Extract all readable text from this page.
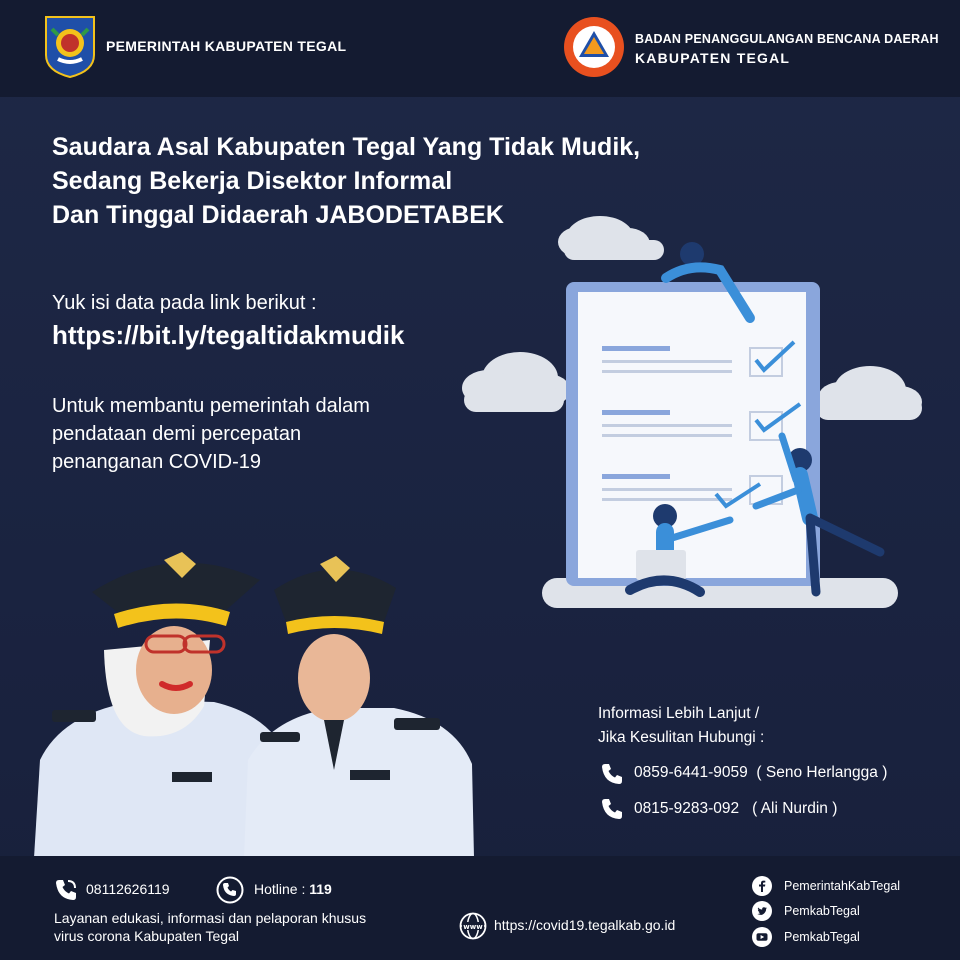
PEMERINTAH KABUPATEN TEGAL	BADAN PENANGGULANGAN BENCANA DAERAH
KABUPATEN TEGAL
Saudara Asal Kabupaten Tegal Yang Tidak Mudik,
Sedang Bekerja Disektor Informal
Dan Tinggal Didaerah JABODETABEK
Yuk isi data pada link berikut :
https://bit.ly/tegaltidakmudik
Untuk membantu pemerintah dalam
pendataan demi percepatan
penanganan COVID-19
Informasi Lebih Lanjut /
Jika Kesulitan Hubungi :
0859-6441-9059 ( Seno Herlangga )
0815-9283-092 ( Ali Nurdin )
08112626119	Hotline : 119
Layanan edukasi, informasi dan pelaporan khusus
virus corona Kabupaten Tegal
www https://covid19.tegalkab.go.id
PemerintahKabTegal
PemkabTegal
PemkabTegal
